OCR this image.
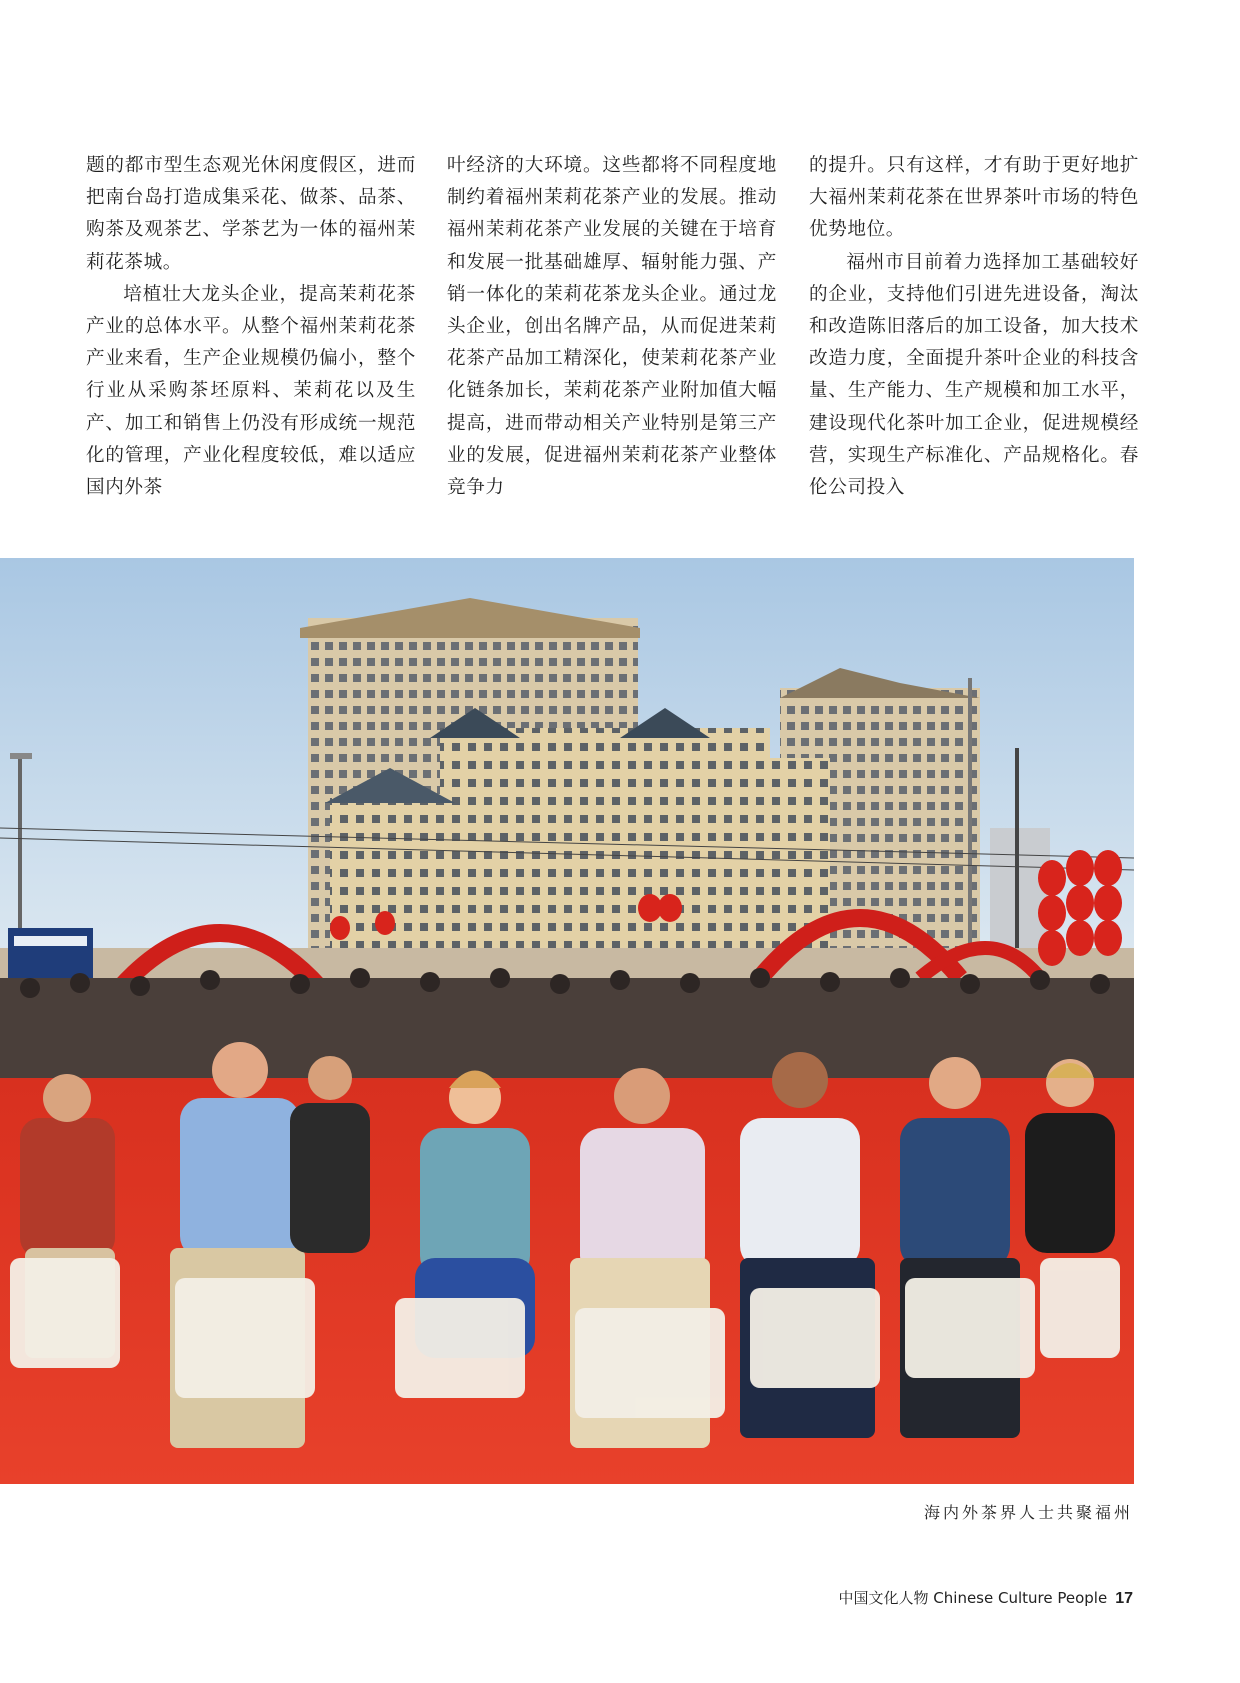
题的都市型生态观光休闲度假区，进而把南台岛打造成集采花、做茶、品茶、购茶及观茶艺、学茶艺为一体的福州茉莉花茶城。

培植壮大龙头企业，提高茉莉花茶产业的总体水平。从整个福州茉莉花茶产业来看，生产企业规模仍偏小，整个行业从采购茶坯原料、茉莉花以及生产、加工和销售上仍没有形成统一规范化的管理，产业化程度较低，难以适应国内外茶

叶经济的大环境。这些都将不同程度地制约着福州茉莉花茶产业的发展。推动福州茉莉花茶产业发展的关键在于培育和发展一批基础雄厚、辐射能力强、产销一体化的茉莉花茶龙头企业。通过龙头企业，创出名牌产品，从而促进茉莉花茶产品加工精深化，使茉莉花茶产业化链条加长，茉莉花茶产业附加值大幅提高，进而带动相关产业特别是第三产业的发展，促进福州茉莉花茶产业整体竞争力

的提升。只有这样，才有助于更好地扩大福州茉莉花茶在世界茶叶市场的特色优势地位。

福州市目前着力选择加工基础较好的企业，支持他们引进先进设备，淘汰和改造陈旧落后的加工设备，加大技术改造力度，全面提升茶叶企业的科技含量、生产能力、生产规模和加工水平，建设现代化茶叶加工企业，促进规模经营，实现生产标准化、产品规格化。春伦公司投入

海内外茶界人士共聚福州
中国文化人物 Chinese Culture People 17
